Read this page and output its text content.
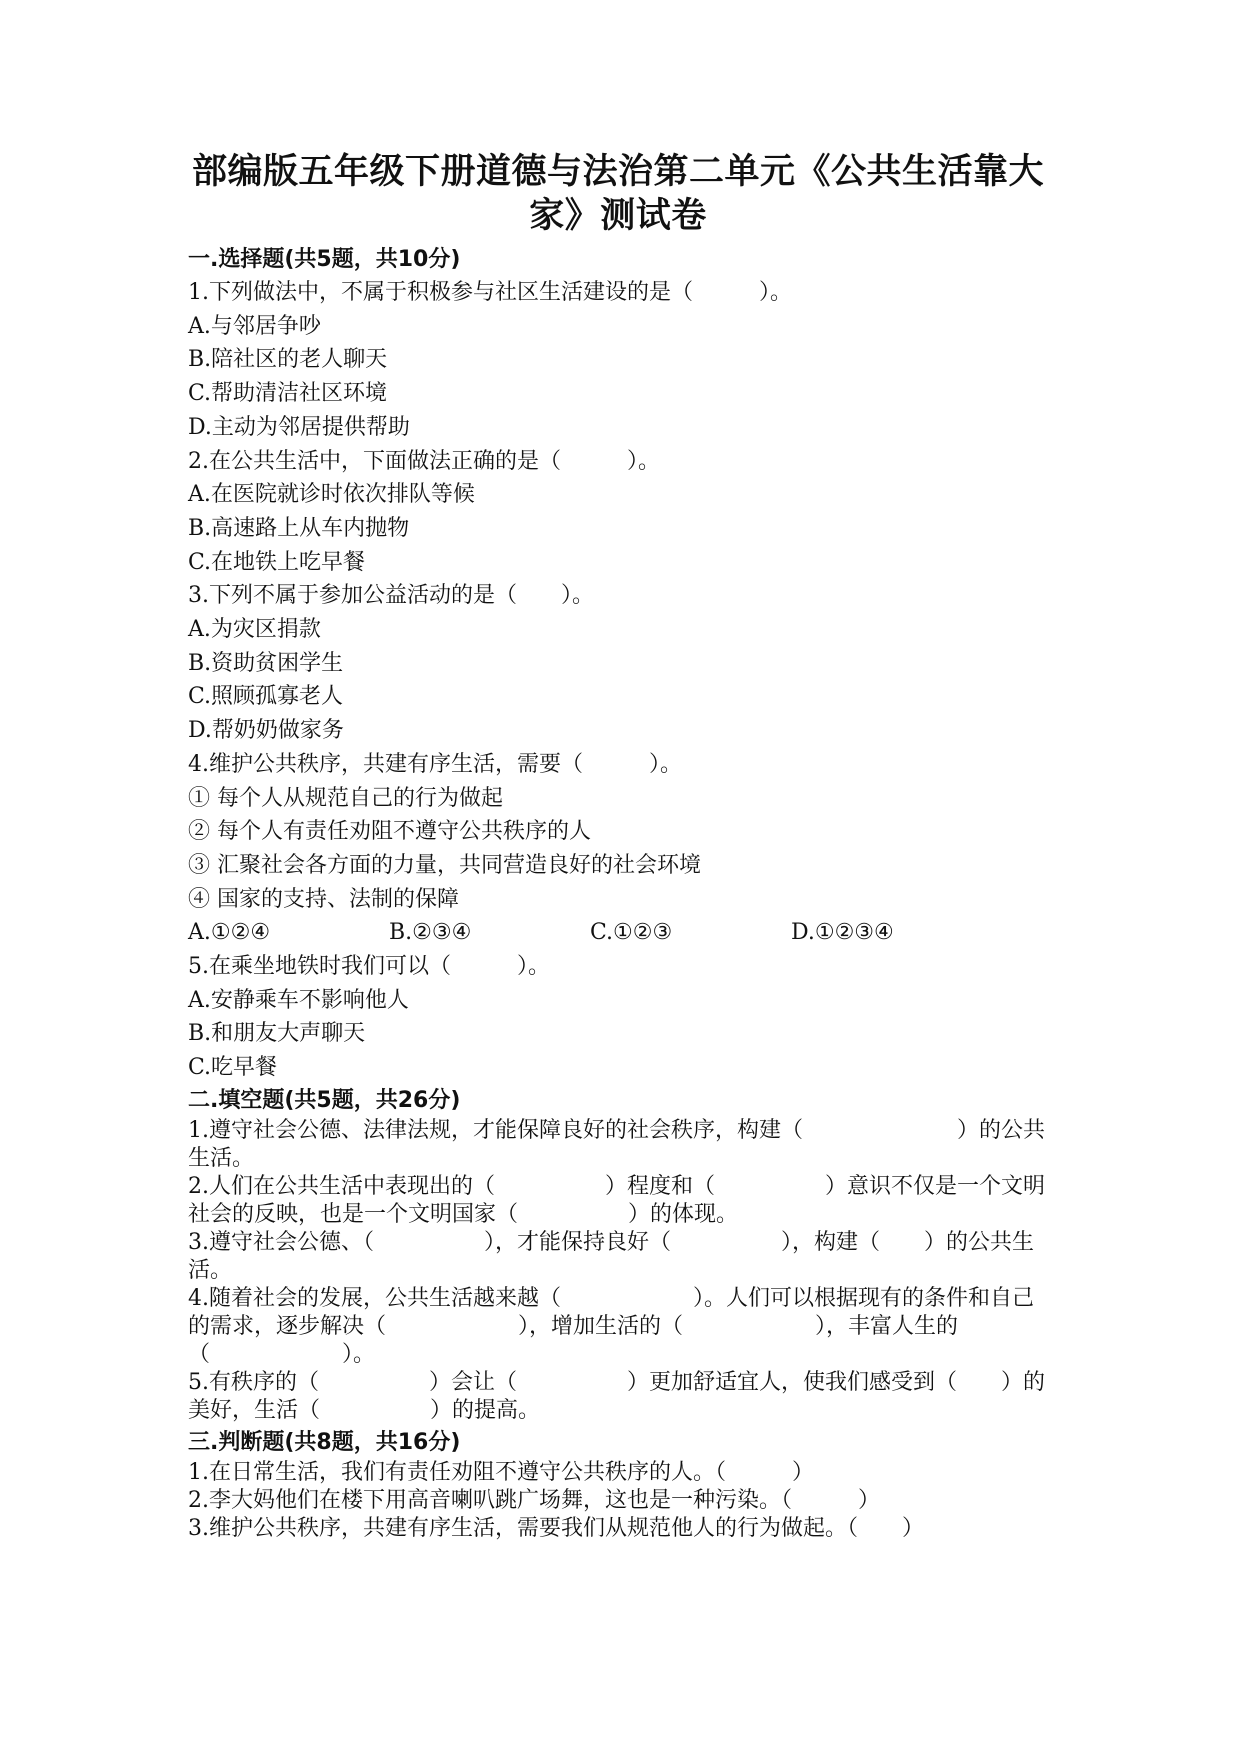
部编版五年级下册道德与法治第二单元《公共生活靠大家》测试卷
一.选择题(共5题，共10分)
1.下列做法中，不属于积极参与社区生活建设的是（　　　）。
A.与邻居争吵
B.陪社区的老人聊天
C.帮助清洁社区环境
D.主动为邻居提供帮助
2.在公共生活中，下面做法正确的是（　　　）。
A.在医院就诊时依次排队等候
B.高速路上从车内抛物
C.在地铁上吃早餐
3.下列不属于参加公益活动的是（　　）。
A.为灾区捐款
B.资助贫困学生
C.照顾孤寡老人
D.帮奶奶做家务
4.维护公共秩序，共建有序生活，需要（　　　）。
① 每个人从规范自己的行为做起
② 每个人有责任劝阻不遵守公共秩序的人
③ 汇聚社会各方面的力量，共同营造良好的社会环境
④ 国家的支持、法制的保障
A.①②④	B.②③④	C.①②③	D.①②③④
5.在乘坐地铁时我们可以（　　　）。
A.安静乘车不影响他人
B.和朋友大声聊天
C.吃早餐
二.填空题(共5题，共26分)
1.遵守社会公德、法律法规，才能保障良好的社会秩序，构建（　　　　　　　）的公共生活。
2.人们在公共生活中表现出的（　　　　　）程度和（　　　　　）意识不仅是一个文明社会的反映，也是一个文明国家（　　　　　）的体现。
3.遵守社会公德、（　　　　　），才能保持良好（　　　　　），构建（　　）的公共生活。
4.随着社会的发展，公共生活越来越（　　　　　　）。人们可以根据现有的条件和自己的需求，逐步解决（　　　　　　），增加生活的（　　　　　　），丰富人生的（　　　　　　）。
5.有秩序的（　　　　　）会让（　　　　　）更加舒适宜人，使我们感受到（　　）的美好，生活（　　　　　）的提高。
三.判断题(共8题，共16分)
1.在日常生活，我们有责任劝阻不遵守公共秩序的人。（　　　）
2.李大妈他们在楼下用高音喇叭跳广场舞，这也是一种污染。（　　　）
3.维护公共秩序，共建有序生活，需要我们从规范他人的行为做起。（　　）
